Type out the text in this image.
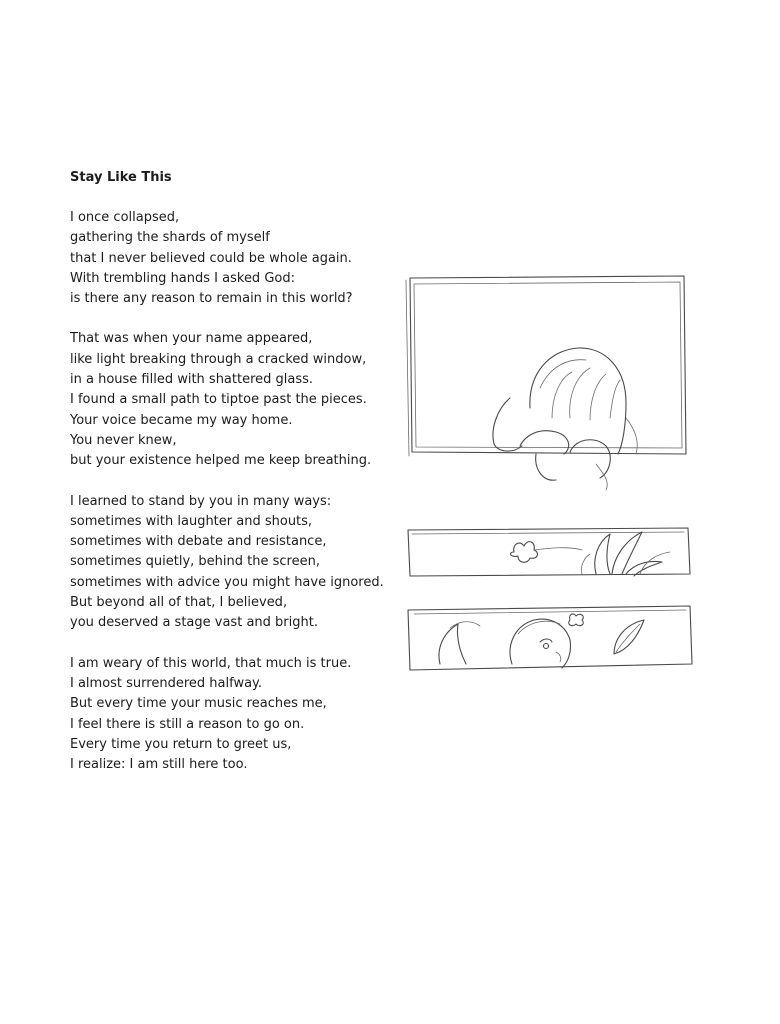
Stay Like This
I once collapsed,
gathering the shards of myself
that I never believed could be whole again.
With trembling hands I asked God:
is there any reason to remain in this world?
That was when your name appeared,
like light breaking through a cracked window,
in a house filled with shattered glass.
I found a small path to tiptoe past the pieces.
Your voice became my way home.
You never knew,
but your existence helped me keep breathing.
I learned to stand by you in many ways:
sometimes with laughter and shouts,
sometimes with debate and resistance,
sometimes quietly, behind the screen,
sometimes with advice you might have ignored.
But beyond all of that, I believed,
you deserved a stage vast and bright.
I am weary of this world, that much is true.
I almost surrendered halfway.
But every time your music reaches me,
I feel there is still a reason to go on.
Every time you return to greet us,
I realize: I am still here too.
